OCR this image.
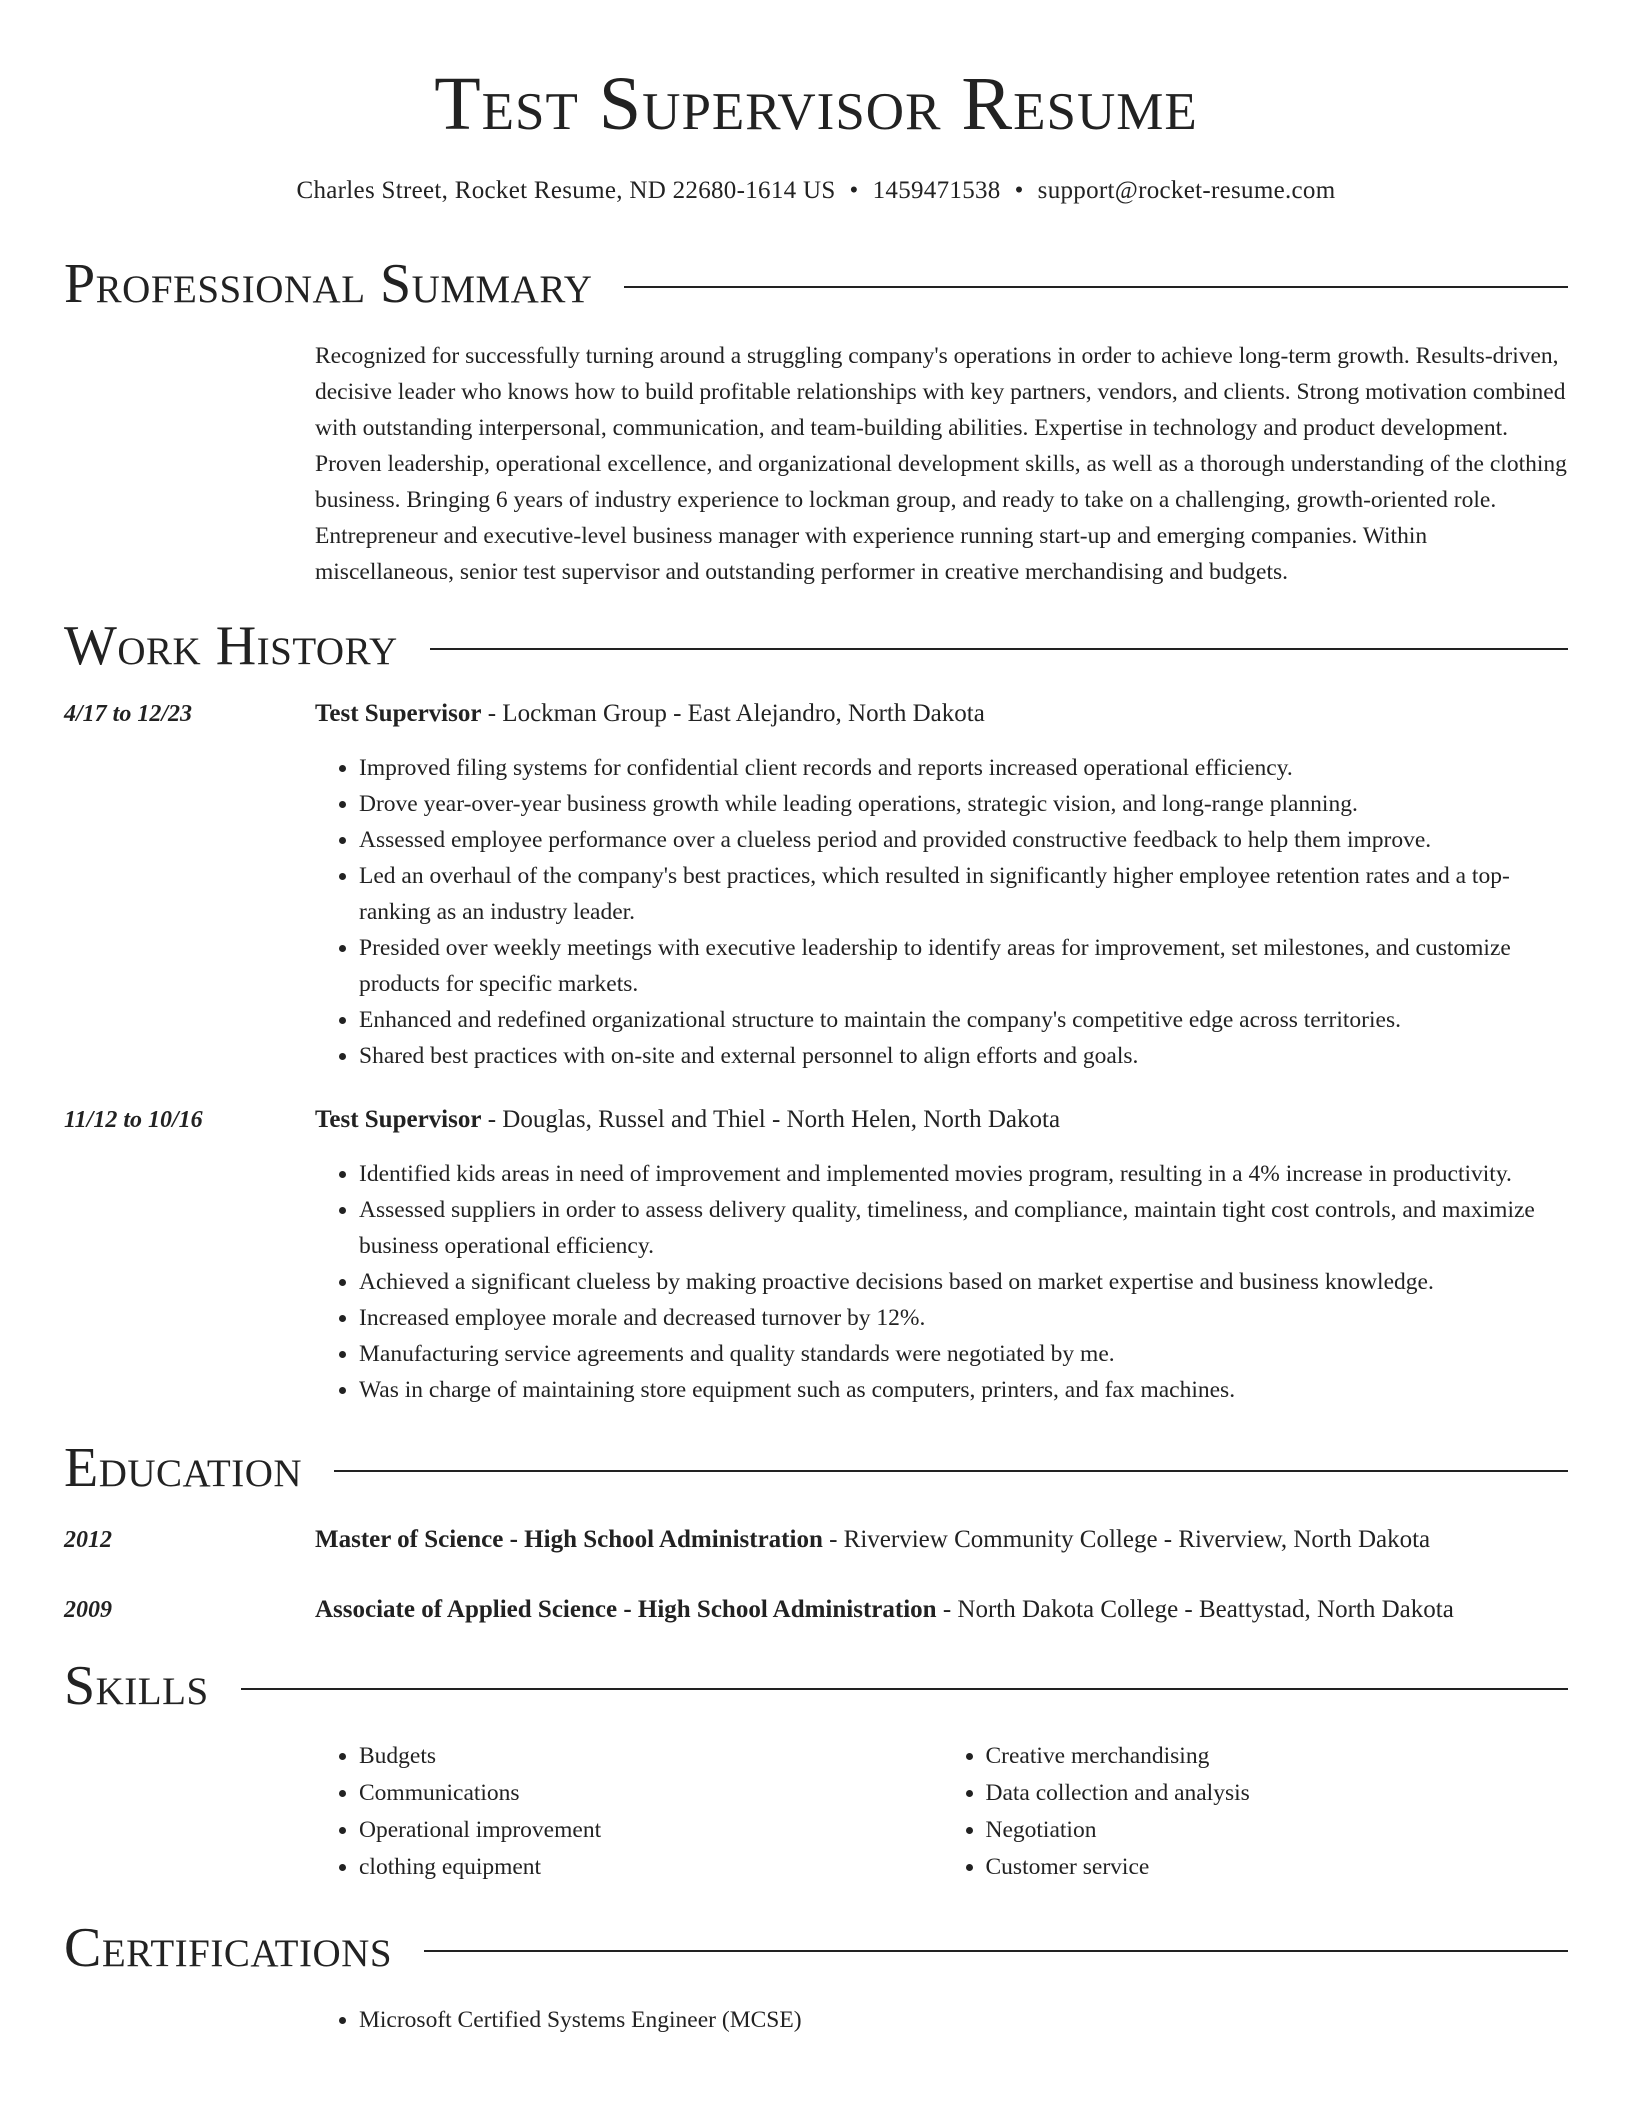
Test Supervisor Resume
Charles Street, Rocket Resume, ND 22680-1614 US • 1459471538 • support@rocket-resume.com
Professional Summary

Recognized for successfully turning around a struggling company's operations in order to achieve long-term growth. Results-driven, decisive leader who knows how to build profitable relationships with key partners, vendors, and clients. Strong motivation combined with outstanding interpersonal, communication, and team-building abilities. Expertise in technology and product development. Proven leadership, operational excellence, and organizational development skills, as well as a thorough understanding of the clothing business. Bringing 6 years of industry experience to lockman group, and ready to take on a challenging, growth-oriented role. Entrepreneur and executive-level business manager with experience running start-up and emerging companies. Within miscellaneous, senior test supervisor and outstanding performer in creative merchandising and budgets.

Work History
4/17 to 12/23	Test Supervisor - Lockman Group - East Alejandro, North Dakota
• Improved filing systems for confidential client records and reports increased operational efficiency.
• Drove year-over-year business growth while leading operations, strategic vision, and long-range planning.
• Assessed employee performance over a clueless period and provided constructive feedback to help them improve.
• Led an overhaul of the company's best practices, which resulted in significantly higher employee retention rates and a top-ranking as an industry leader.
• Presided over weekly meetings with executive leadership to identify areas for improvement, set milestones, and customize products for specific markets.
• Enhanced and redefined organizational structure to maintain the company's competitive edge across territories.
• Shared best practices with on-site and external personnel to align efforts and goals.
11/12 to 10/16	Test Supervisor - Douglas, Russel and Thiel - North Helen, North Dakota
• Identified kids areas in need of improvement and implemented movies program, resulting in a 4% increase in productivity.
• Assessed suppliers in order to assess delivery quality, timeliness, and compliance, maintain tight cost controls, and maximize business operational efficiency.
• Achieved a significant clueless by making proactive decisions based on market expertise and business knowledge.
• Increased employee morale and decreased turnover by 12%.
• Manufacturing service agreements and quality standards were negotiated by me.
• Was in charge of maintaining store equipment such as computers, printers, and fax machines.
Education
2012	Master of Science - High School Administration - Riverview Community College - Riverview, North Dakota
2009	Associate of Applied Science - High School Administration - North Dakota College - Beattystad, North Dakota
Skills
• Budgets
• Communications
• Operational improvement
• clothing equipment
• Creative merchandising
• Data collection and analysis
• Negotiation
• Customer service
Certifications
• Microsoft Certified Systems Engineer (MCSE)
